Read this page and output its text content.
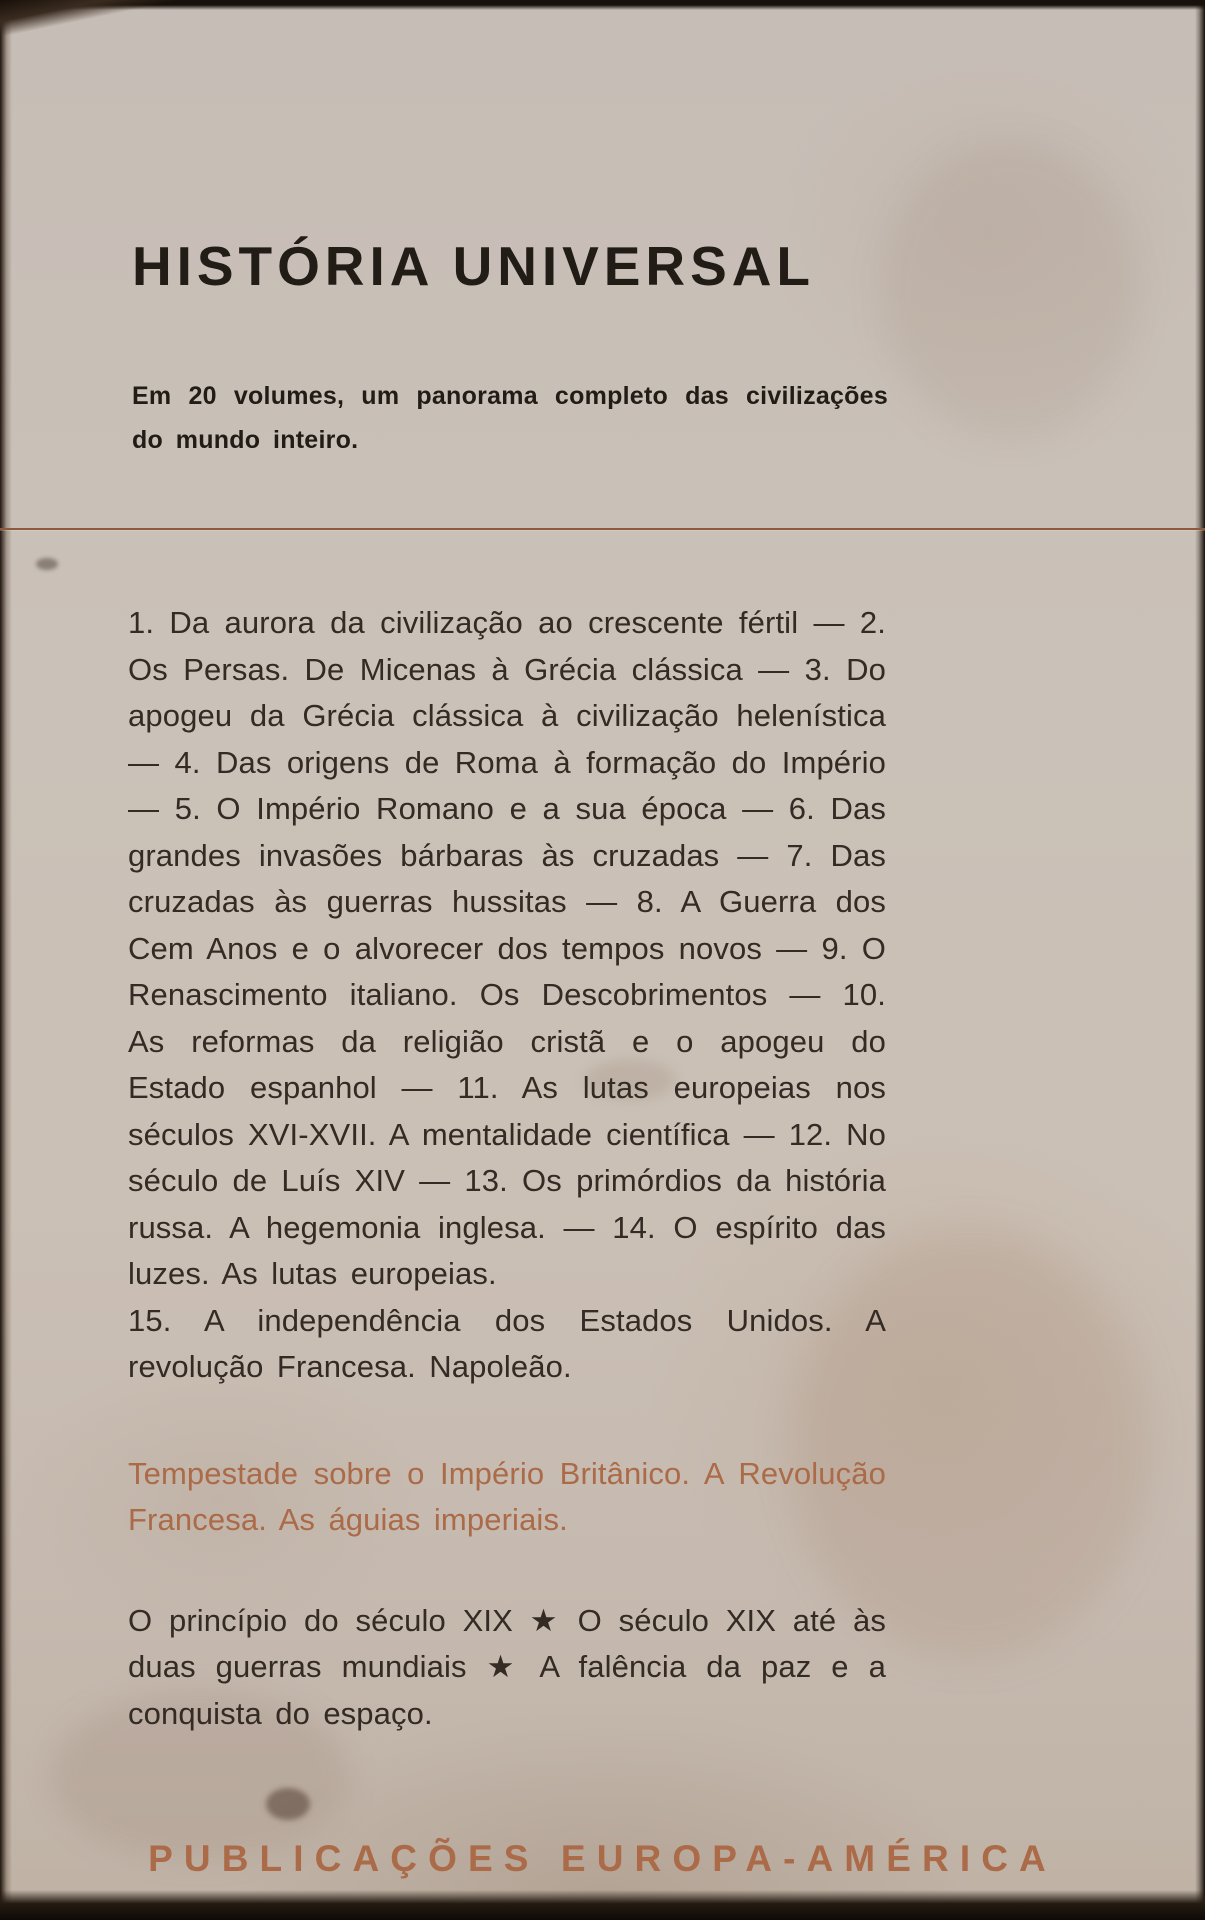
HISTÓRIA UNIVERSAL

Em 20 volumes, um panorama completo das civilizações do mundo inteiro.

1. Da aurora da civilização ao crescente fértil — 2. Os Persas. De Micenas à Grécia clássica — 3. Do apogeu da Grécia clássica à civilização helenística — 4. Das origens de Roma à formação do Império — 5. O Império Romano e a sua época — 6. Das grandes invasões bárbaras às cruzadas — 7. Das cruzadas às guerras hussitas — 8. A Guerra dos Cem Anos e o alvorecer dos tempos novos — 9. O Renascimento italiano. Os Descobrimentos — 10. As reformas da religião cristã e o apogeu do Estado espanhol — 11. As lutas europeias nos séculos XVI-XVII. A mentalidade científica — 12. No século de Luís XIV — 13. Os primórdios da história russa. A hegemonia inglesa. — 14. O espírito das luzes. As lutas europeias.

15. A independência dos Estados Unidos. A revolução Francesa. Napoleão.

Tempestade sobre o Império Britânico. A Revolução Francesa. As águias imperiais.

O princípio do século XIX ★ O século XIX até às duas guerras mundiais ★ A falência da paz e a conquista do espaço.

PUBLICAÇÕES EUROPA-AMÉRICA
